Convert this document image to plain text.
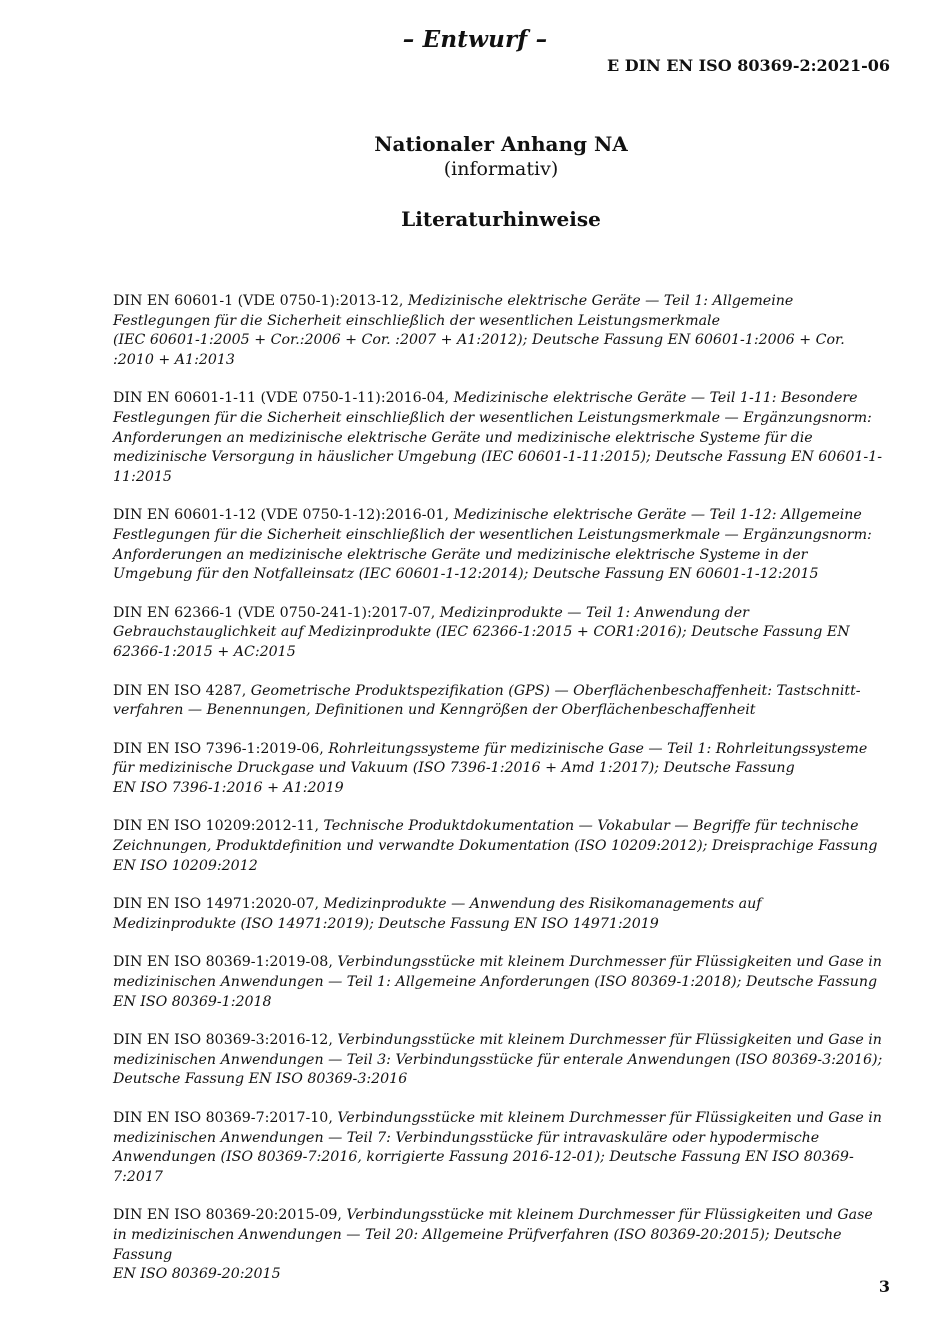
– Entwurf –
E DIN EN ISO 80369-2:2021-06
Nationaler Anhang NA
(informativ)
Literaturhinweise

DIN EN 60601-1 (VDE 0750-1):2013-12, Medizinische elektrische Geräte — Teil 1: Allgemeine Festlegungen für die Sicherheit einschließlich der wesentlichen Leistungsmerkmale
(IEC 60601-1:2005 + Cor.:2006 + Cor. :2007 + A1:2012); Deutsche Fassung EN 60601-1:2006 + Cor. :2010 + A1:2013

DIN EN 60601-1-11 (VDE 0750-1-11):2016-04, Medizinische elektrische Geräte — Teil 1-11: Besondere Festlegungen für die Sicherheit einschließlich der wesentlichen Leistungsmerkmale — Ergänzungsnorm: Anforderungen an medizinische elektrische Geräte und medizinische elektrische Systeme für die medizinische Versorgung in häuslicher Umgebung (IEC 60601-1-11:2015); Deutsche Fassung EN 60601-1-11:2015

DIN EN 60601-1-12 (VDE 0750-1-12):2016-01, Medizinische elektrische Geräte — Teil 1-12: Allgemeine Festlegungen für die Sicherheit einschließlich der wesentlichen Leistungsmerkmale — Ergänzungsnorm: Anforderungen an medizinische elektrische Geräte und medizinische elektrische Systeme in der Umgebung für den Notfalleinsatz (IEC 60601-1-12:2014); Deutsche Fassung EN 60601-1-12:2015

DIN EN 62366-1 (VDE 0750-241-1):2017-07, Medizinprodukte — Teil 1: Anwendung der Gebrauchstauglichkeit auf Medizinprodukte (IEC 62366-1:2015 + COR1:2016); Deutsche Fassung EN 62366-1:2015 + AC:2015

DIN EN ISO 4287, Geometrische Produktspezifikation (GPS) — Oberflächenbeschaffenheit: Tastschnittverfahren — Benennungen, Definitionen und Kenngrößen der Oberflächenbeschaffenheit

DIN EN ISO 7396-1:2019-06, Rohrleitungssysteme für medizinische Gase — Teil 1: Rohrleitungssysteme für medizinische Druckgase und Vakuum (ISO 7396-1:2016 + Amd 1:2017); Deutsche Fassung
EN ISO 7396-1:2016 + A1:2019

DIN EN ISO 10209:2012-11, Technische Produktdokumentation — Vokabular — Begriffe für technische Zeichnungen, Produktdefinition und verwandte Dokumentation (ISO 10209:2012); Dreisprachige Fassung
EN ISO 10209:2012

DIN EN ISO 14971:2020-07, Medizinprodukte — Anwendung des Risikomanagements auf Medizinprodukte (ISO 14971:2019); Deutsche Fassung EN ISO 14971:2019

DIN EN ISO 80369-1:2019-08, Verbindungsstücke mit kleinem Durchmesser für Flüssigkeiten und Gase in medizinischen Anwendungen — Teil 1: Allgemeine Anforderungen (ISO 80369-1:2018); Deutsche Fassung
EN ISO 80369-1:2018

DIN EN ISO 80369-3:2016-12, Verbindungsstücke mit kleinem Durchmesser für Flüssigkeiten und Gase in medizinischen Anwendungen — Teil 3: Verbindungsstücke für enterale Anwendungen (ISO 80369-3:2016); Deutsche Fassung EN ISO 80369-3:2016

DIN EN ISO 80369-7:2017-10, Verbindungsstücke mit kleinem Durchmesser für Flüssigkeiten und Gase in medizinischen Anwendungen — Teil 7: Verbindungsstücke für intravaskuläre oder hypodermische Anwendungen (ISO 80369-7:2016, korrigierte Fassung 2016-12-01); Deutsche Fassung EN ISO 80369-7:2017

DIN EN ISO 80369-20:2015-09, Verbindungsstücke mit kleinem Durchmesser für Flüssigkeiten und Gase in medizinischen Anwendungen — Teil 20: Allgemeine Prüfverfahren (ISO 80369-20:2015); Deutsche Fassung
EN ISO 80369-20:2015

3
